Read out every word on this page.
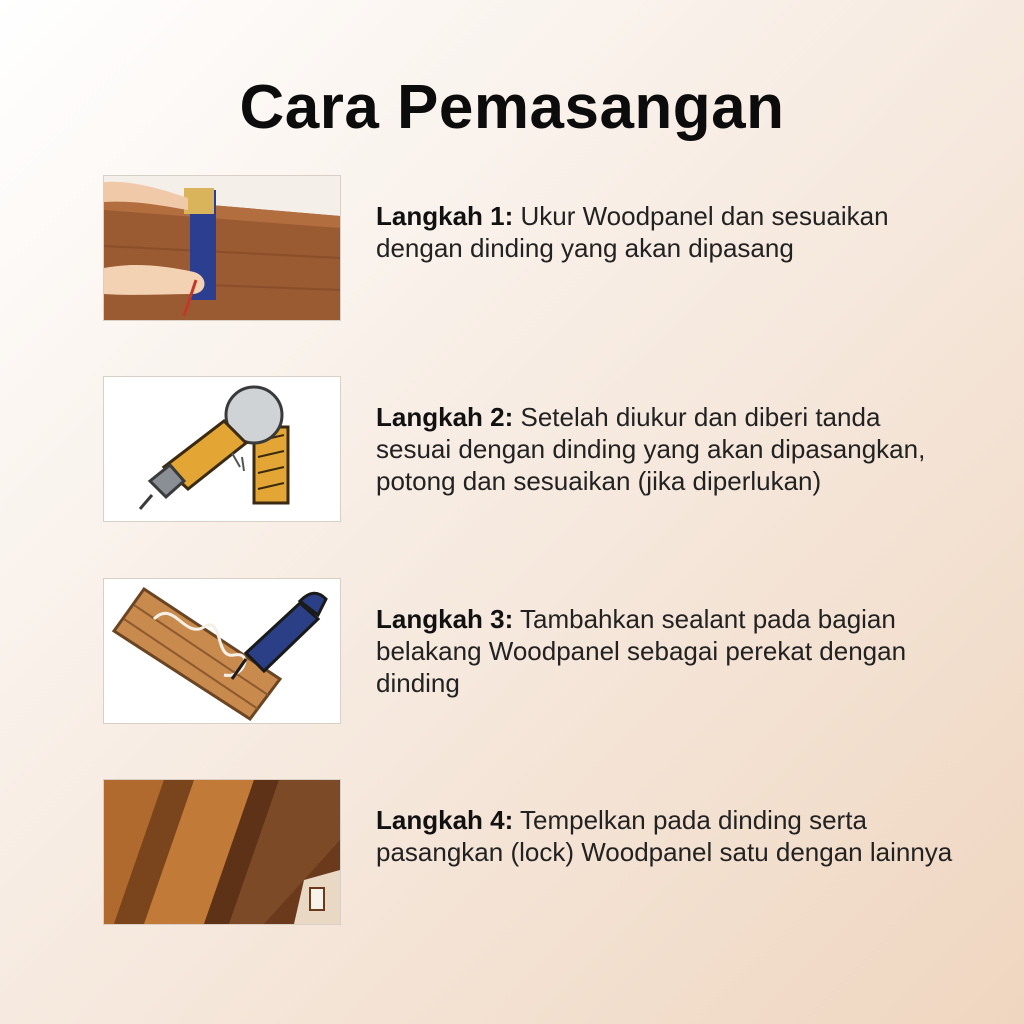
Cara Pemasangan
Langkah 1: Ukur Woodpanel dan sesuaikan dengan dinding yang akan dipasang
Langkah 2: Setelah diukur dan diberi tanda sesuai dengan dinding yang akan dipasangkan, potong dan sesuaikan (jika diperlukan)
Langkah 3: Tambahkan sealant pada bagian belakang Woodpanel sebagai perekat dengan dinding
Langkah 4: Tempelkan pada dinding serta pasangkan (lock) Woodpanel satu dengan lainnya
